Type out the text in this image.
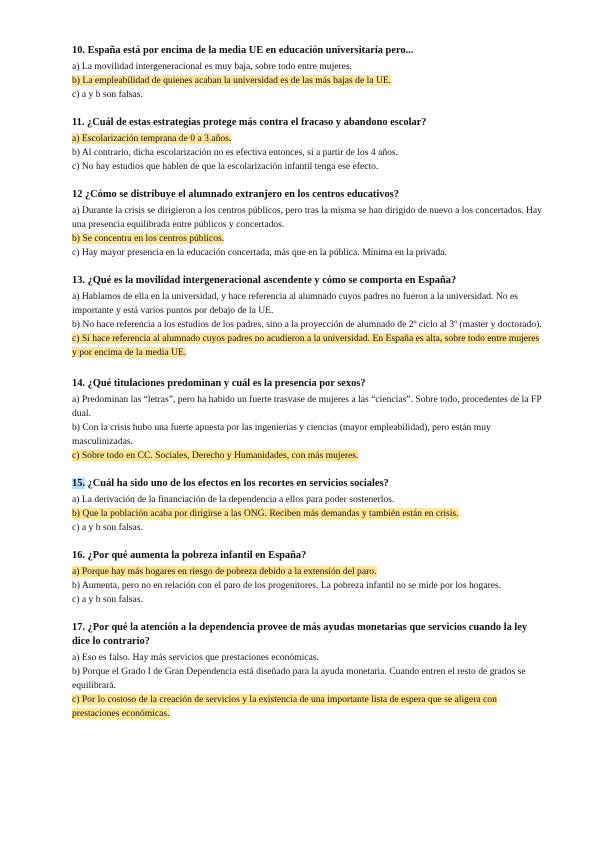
10. España está por encima de la media UE en educación universitaria pero...

a) La movilidad intergeneracional es muy baja, sobre todo entre mujeres.

b) La empleabilidad de quienes acaban la universidad es de las más bajas de la UE.

c) a y b son falsas.

11. ¿Cuál de estas estrategias protege más contra el fracaso y abandono escolar?

a) Escolarización temprana de 0 a 3 años.

b) Al contrario, dicha escolarización no es efectiva entonces, sí a partir de los 4 años.

c) No hay estudios que hablen de que la escolarización infantil tenga ese efecto.

12 ¿Cómo se distribuye el alumnado extranjero en los centros educativos?

a) Durante la crisis se dirigieron a los centros públicos, pero tras la misma se han dirigido de nuevo a los concertados. Hay una presencia equilibrada entre públicos y concertados.

b) Se concentra en los centros públicos.

c) Hay mayor presencia en la educación concertada, más que en la pública. Mínima en la privada.

13. ¿Qué es la movilidad intergeneracional ascendente y cómo se comporta en España?

a) Hablamos de ella en la universidad, y hace referencia al alumnado cuyos padres no fueron a la universidad. No es importante y está varios puntos por debajo de la UE.

b) No hace referencia a los estudios de los padres, sino a la proyección de alumnado de 2º ciclo al 3º (master y doctorado).

c) Sí hace referencia al alumnado cuyos padres no acudieron a la universidad. En España es alta, sobre todo entre mujeres y por encima de la media UE.

14. ¿Qué titulaciones predominan y cuál es la presencia por sexos?

a) Predominan las “letras”, pero ha habido un fuerte trasvase de mujeres a las “ciencias”. Sobre todo, procedentes de la FP dual.

b) Con la crisis hubo una fuerte apuesta por las ingenierías y ciencias (mayor empleabilidad), pero están muy masculinizadas.

c) Sobre todo en CC. Sociales, Derecho y Humanidades, con más mujeres.

15. ¿Cuál ha sido uno de los efectos en los recortes en servicios sociales?

a) La derivación de la financiación de la dependencia a ellos para poder sostenerlos.

b) Que la población acaba por dirigirse a las ONG. Reciben más demandas y también están en crisis.

c) a y b son falsas.

16. ¿Por qué aumenta la pobreza infantil en España?

a) Porque hay más hogares en riesgo de pobreza debido a la extensión del paro.

b) Aumenta, pero no en relación con el paro de los progenitores. La pobreza infantil no se mide por los hogares.

c) a y b son falsas.

17. ¿Por qué la atención a la dependencia provee de más ayudas monetarias que servicios cuando la ley dice lo contrario?

a) Eso es falso. Hay más servicios que prestaciones económicas.

b) Porque el Grado I de Gran Dependencia está diseñado para la ayuda monetaria. Cuando entren el resto de grados se equilibrará.

c) Por lo costoso de la creación de servicios y la existencia de una importante lista de espera que se aligera con prestaciones económicas.
